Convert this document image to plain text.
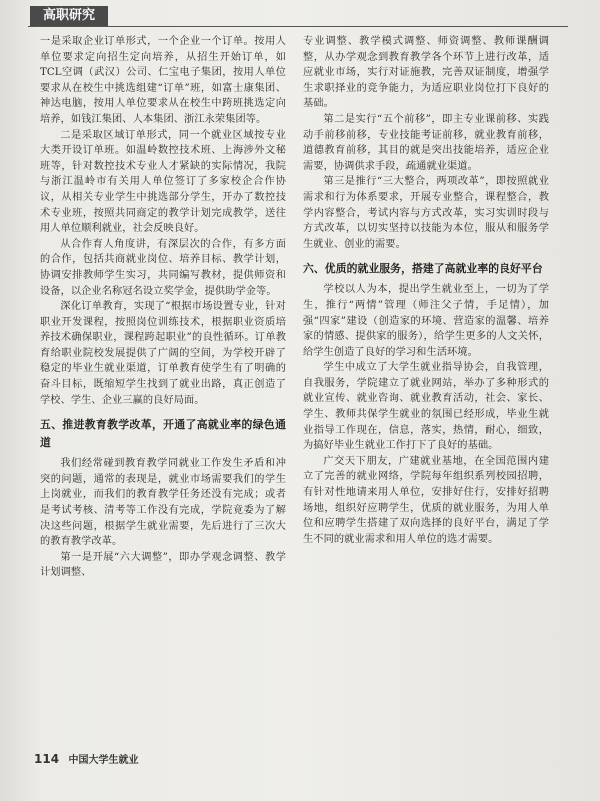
高职研究

一是采取企业订单形式，一个企业一个订单。按用人单位要求定向招生定向培养，从招生开始订单，如TCL空调（武汉）公司、仁宝电子集团，按用人单位要求从在校生中挑选组建“订单”班，如富士康集团、神达电脑，按用人单位要求从在校生中跨班挑选定向培养，如钱江集团、人本集团、浙江永荣集团等。

二是采取区域订单形式，同一个就业区域按专业大类开设订单班。如温岭数控技术班、上海涉外文秘班等，针对数控技术专业人才紧缺的实际情况，我院与浙江温岭市有关用人单位签订了多家校企合作协议，从相关专业学生中挑选部分学生，开办了数控技术专业班，按照共同商定的教学计划完成教学，送往用人单位顺利就业，社会反映良好。

从合作育人角度讲，有深层次的合作，有多方面的合作，包括共商就业岗位、培养目标、教学计划，协调安排教师学生实习，共同编写教材，提供师资和设备，以企业名称冠名设立奖学金，提供助学金等。

深化订单教育，实现了“根据市场设置专业，针对职业开发课程，按照岗位训练技术，根据职业资质培养技术确保职业，课程跨起职业”的良性循环。订单教育给职业院校发展提供了广阔的空间，为学校开辟了稳定的毕业生就业渠道，订单教育使学生有了明确的奋斗目标，既缩短学生找到了就业出路，真正创造了学校、学生、企业三赢的良好局面。

五、推进教育教学改革，开通了高就业率的绿色通道

我们经常碰到教育教学同就业工作发生矛盾和冲突的问题，通常的表现是，就业市场需要我们的学生上岗就业，而我们的教育教学任务还没有完成；或者是考试考核、清考等工作没有完成，学院竟委为了解决这些问题，根据学生就业需要，先后进行了三次大的教育教学改革。

第一是开展“六大调整”，即办学观念调整、教学计划调整、

专业调整、教学模式调整、师资调整、教师课酬调整，从办学观念到教育教学各个环节上进行改革，适应就业市场，实行对证施教，完善双证制度，增强学生求职择业的竞争能力，为适应职业岗位打下良好的基础。

第二是实行“五个前移”，即主专业课前移、实践动手前移前移，专业技能考证前移，就业教育前移，道德教育前移，其目的就是突出技能培养，适应企业需要，协调供求手段，疏通就业渠道。

第三是推行“三大整合，两项改革”，即按照就业需求和行为体系要求，开展专业整合，课程整合，教学内容整合，考试内容与方式改革，实习实训时段与方式改革，以切实坚持以技能为本位，服从和服务学生就业、创业的需要。

六、优质的就业服务，搭建了高就业率的良好平台

学校以人为本，提出学生就业至上，一切为了学生，推行“两情”管理（师注父子情，手足情），加强“四家”建设（创造家的环境、营造家的温馨、培养家的情感、提供家的服务），给学生更多的人文关怀，给学生创造了良好的学习和生活环境。

学生中成立了大学生就业指导协会，自我管理，自我服务，学院建立了就业网站，举办了多种形式的就业宣传、就业咨询、就业教育活动，社会、家长、学生、教师共保学生就业的氛围已经形成，毕业生就业指导工作现在，信息，落实，热情，耐心，细致，为搞好毕业生就业工作打下了良好的基础。

广交天下朋友，广建就业基地，在全国范围内建立了完善的就业网络，学院每年组织系列校园招聘，有针对性地请来用人单位，安排好住行，安排好招聘场地，组织好应聘学生，优质的就业服务，为用人单位和应聘学生搭建了双向选择的良好平台，满足了学生不同的就业需求和用人单位的选才需要。

114 中国大学生就业
